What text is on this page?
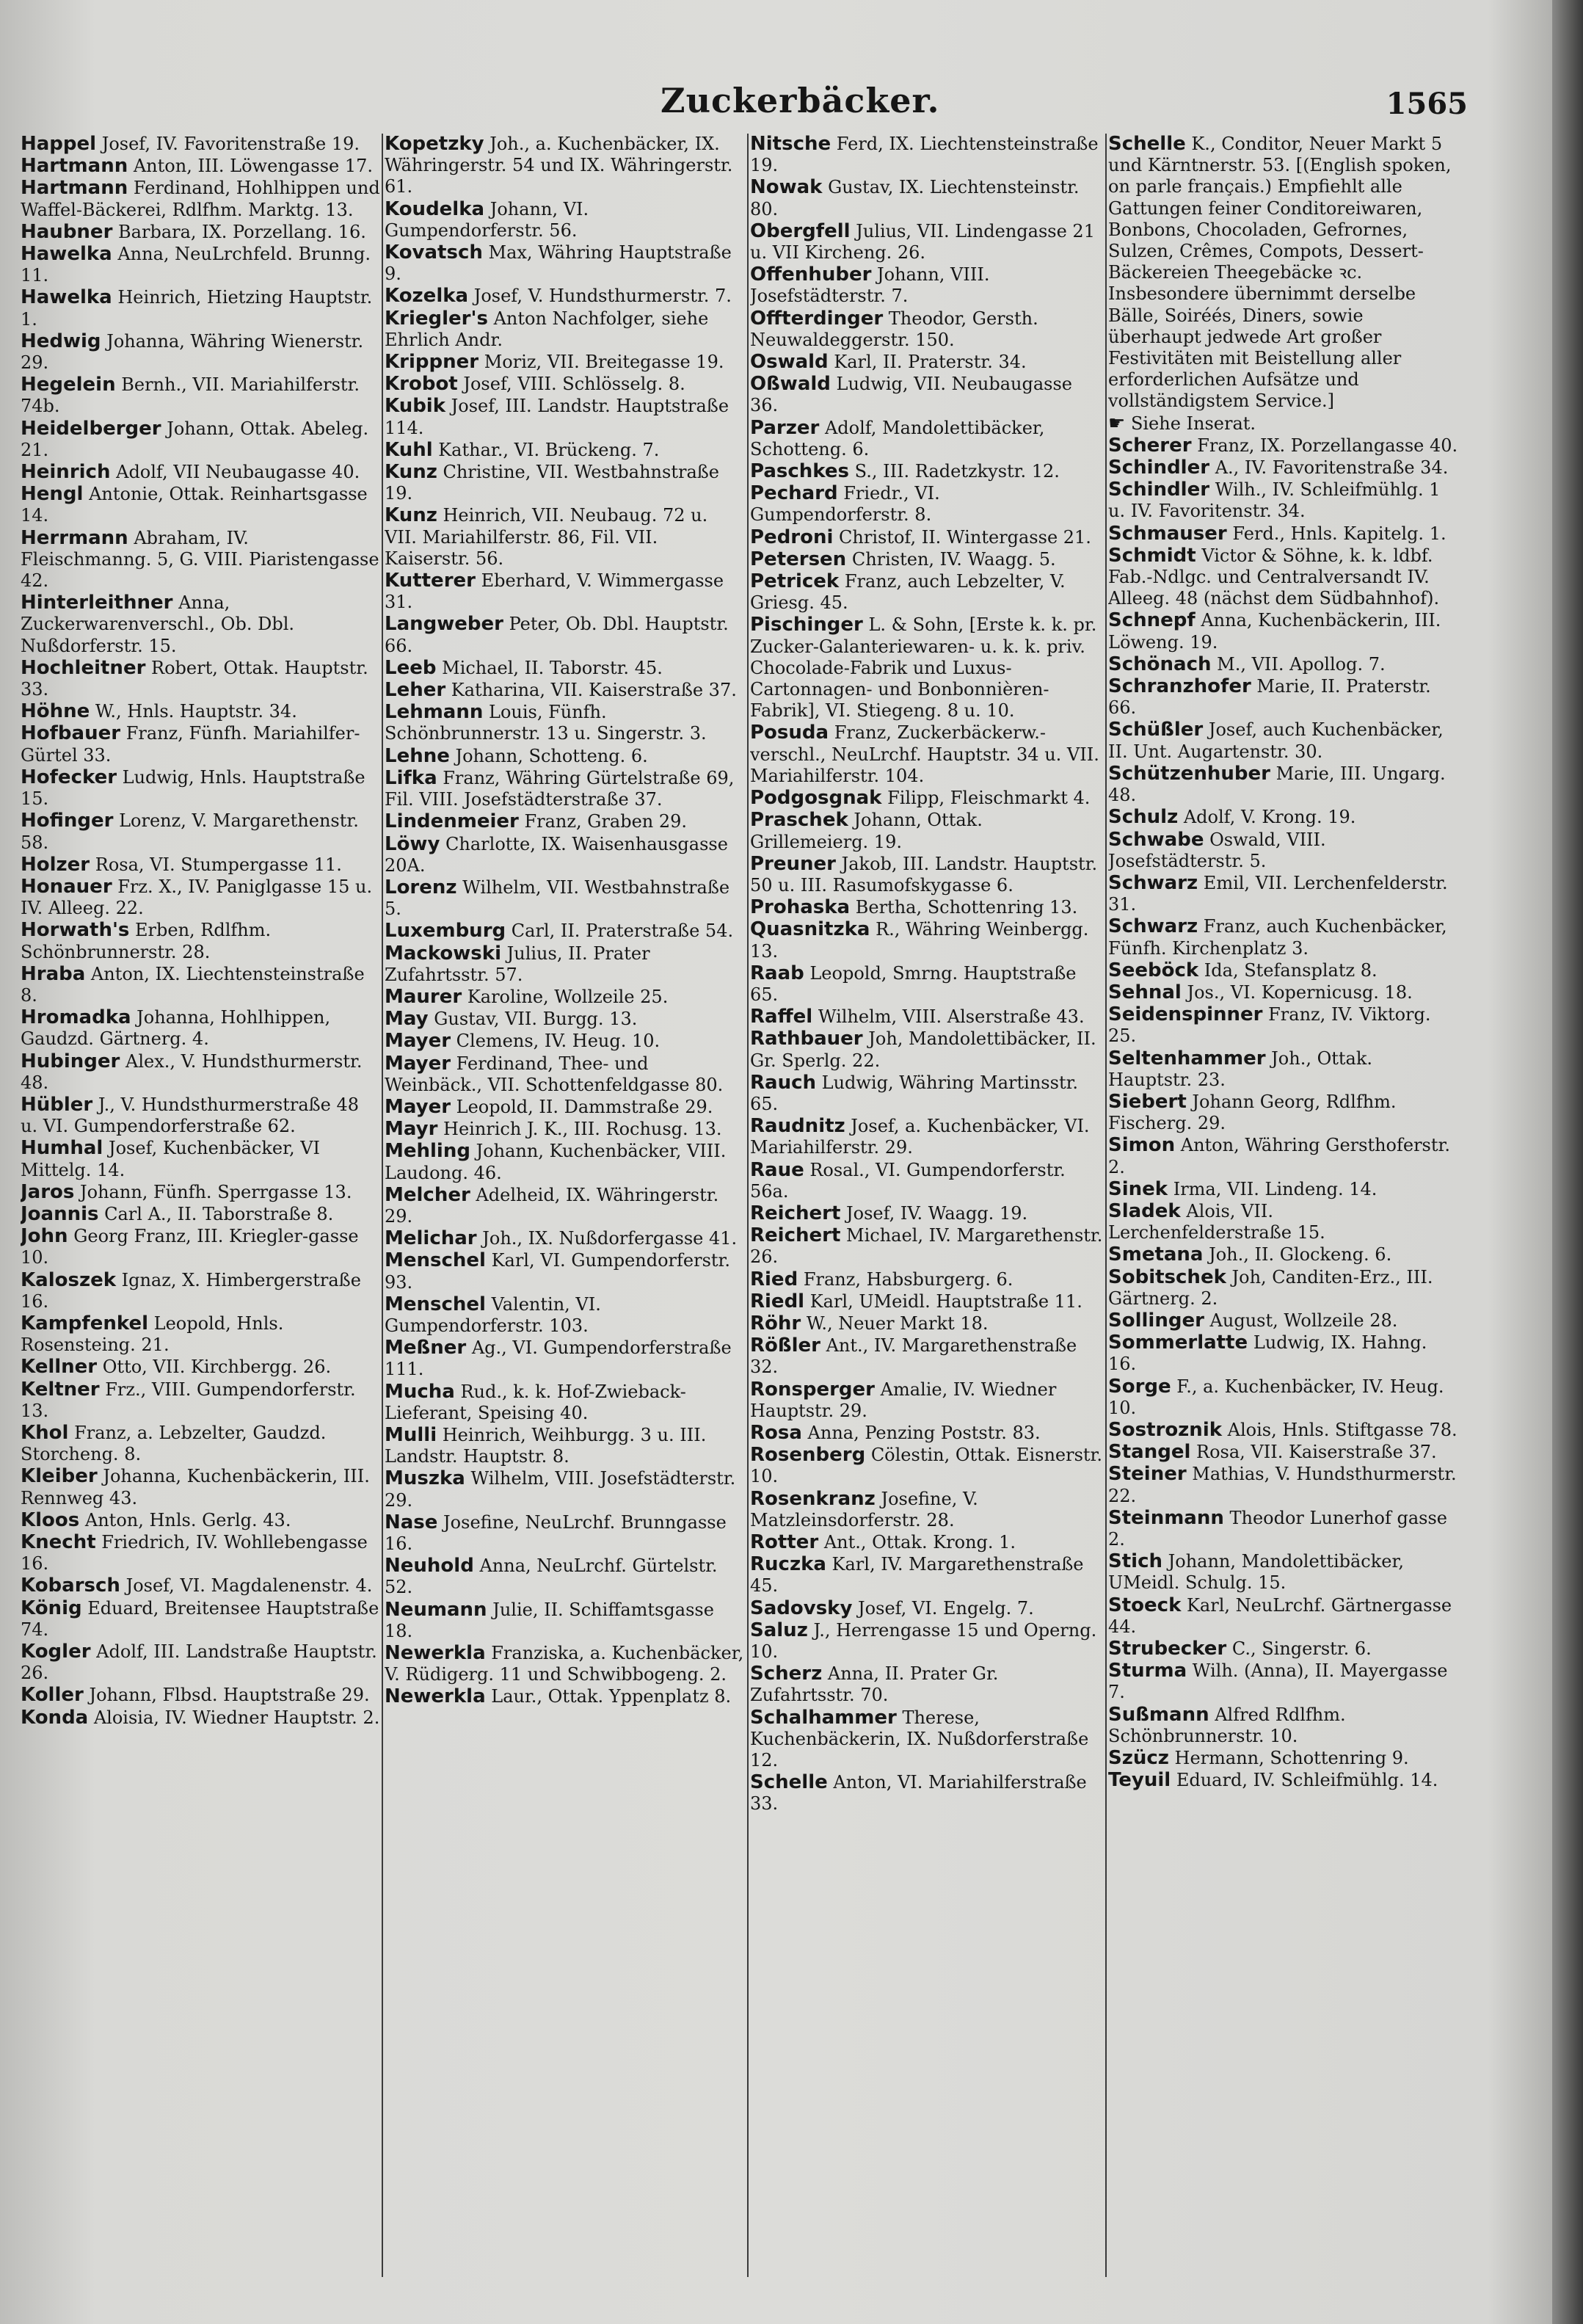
Zuckerbäcker.	1565

Happel Josef, IV. Favoritenstraße 19.

Hartmann Anton, III. Löwengasse 17.

Hartmann Ferdinand, Hohlhippen und Waffel-Bäckerei, Rdlfhm. Marktg. 13.

Haubner Barbara, IX. Porzellang. 16.

Hawelka Anna, NeuLrchfeld. Brunng. 11.

Hawelka Heinrich, Hietzing Hauptstr. 1.

Hedwig Johanna, Währing Wienerstr. 29.

Hegelein Bernh., VII. Mariahilferstr. 74b.

Heidelberger Johann, Ottak. Abeleg. 21.

Heinrich Adolf, VII Neubaugasse 40.

Hengl Antonie, Ottak. Reinhartsgasse 14.

Herrmann Abraham, IV. Fleischmanng. 5, G. VIII. Piaristengasse 42.

Hinterleithner Anna, Zuckerwarenverschl., Ob. Dbl. Nußdorferstr. 15.

Hochleitner Robert, Ottak. Hauptstr. 33.

Höhne W., Hnls. Hauptstr. 34.

Hofbauer Franz, Fünfh. Mariahilfer-Gürtel 33.

Hofecker Ludwig, Hnls. Hauptstraße 15.

Hofinger Lorenz, V. Margarethenstr. 58.

Holzer Rosa, VI. Stumpergasse 11.

Honauer Frz. X., IV. Paniglgasse 15 u. IV. Alleeg. 22.

Horwath's Erben, Rdlfhm. Schönbrunnerstr. 28.

Hraba Anton, IX. Liechtensteinstraße 8.

Hromadka Johanna, Hohlhippen, Gaudzd. Gärtnerg. 4.

Hubinger Alex., V. Hundsthurmerstr. 48.

Hübler J., V. Hundsthurmerstraße 48 u. VI. Gumpendorferstraße 62.

Humhal Josef, Kuchenbäcker, VI Mittelg. 14.

Jaros Johann, Fünfh. Sperrgasse 13.

Joannis Carl A., II. Taborstraße 8.

John Georg Franz, III. Kriegler-gasse 10.

Kaloszek Ignaz, X. Himbergerstraße 16.

Kampfenkel Leopold, Hnls. Rosensteing. 21.

Kellner Otto, VII. Kirchbergg. 26.

Keltner Frz., VIII. Gumpendorferstr. 13.

Khol Franz, a. Lebzelter, Gaudzd. Storcheng. 8.

Kleiber Johanna, Kuchenbäckerin, III. Rennweg 43.

Kloos Anton, Hnls. Gerlg. 43.

Knecht Friedrich, IV. Wohllebengasse 16.

Kobarsch Josef, VI. Magdalenenstr. 4.

König Eduard, Breitensee Hauptstraße 74.

Kogler Adolf, III. Landstraße Hauptstr. 26.

Koller Johann, Flbsd. Hauptstraße 29.

Konda Aloisia, IV. Wiedner Hauptstr. 2.

Kopetzky Joh., a. Kuchenbäcker, IX. Währingerstr. 54 und IX. Währingerstr. 61.

Koudelka Johann, VI. Gumpendorferstr. 56.

Kovatsch Max, Währing Hauptstraße 9.

Kozelka Josef, V. Hundsthurmerstr. 7.

Kriegler's Anton Nachfolger, siehe Ehrlich Andr.

Krippner Moriz, VII. Breitegasse 19.

Krobot Josef, VIII. Schlösselg. 8.

Kubik Josef, III. Landstr. Hauptstraße 114.

Kuhl Kathar., VI. Brückeng. 7.

Kunz Christine, VII. Westbahnstraße 19.

Kunz Heinrich, VII. Neubaug. 72 u. VII. Mariahilferstr. 86, Fil. VII. Kaiserstr. 56.

Kutterer Eberhard, V. Wimmergasse 31.

Langweber Peter, Ob. Dbl. Hauptstr. 66.

Leeb Michael, II. Taborstr. 45.

Leher Katharina, VII. Kaiserstraße 37.

Lehmann Louis, Fünfh. Schönbrunnerstr. 13 u. Singerstr. 3.

Lehne Johann, Schotteng. 6.

Lifka Franz, Währing Gürtelstraße 69, Fil. VIII. Josefstädterstraße 37.

Lindenmeier Franz, Graben 29.

Löwy Charlotte, IX. Waisenhausgasse 20A.

Lorenz Wilhelm, VII. Westbahnstraße 5.

Luxemburg Carl, II. Praterstraße 54.

Mackowski Julius, II. Prater Zufahrtsstr. 57.

Maurer Karoline, Wollzeile 25.

May Gustav, VII. Burgg. 13.

Mayer Clemens, IV. Heug. 10.

Mayer Ferdinand, Thee- und Weinbäck., VII. Schottenfeldgasse 80.

Mayer Leopold, II. Dammstraße 29.

Mayr Heinrich J. K., III. Rochusg. 13.

Mehling Johann, Kuchenbäcker, VIII. Laudong. 46.

Melcher Adelheid, IX. Währingerstr. 29.

Melichar Joh., IX. Nußdorfergasse 41.

Menschel Karl, VI. Gumpendorferstr. 93.

Menschel Valentin, VI. Gumpendorferstr. 103.

Meßner Ag., VI. Gumpendorferstraße 111.

Mucha Rud., k. k. Hof-Zwieback-Lieferant, Speising 40.

Mulli Heinrich, Weihburgg. 3 u. III. Landstr. Hauptstr. 8.

Muszka Wilhelm, VIII. Josefstädterstr. 29.

Nase Josefine, NeuLrchf. Brunngasse 16.

Neuhold Anna, NeuLrchf. Gürtelstr. 52.

Neumann Julie, II. Schiffamtsgasse 18.

Newerkla Franziska, a. Kuchenbäcker, V. Rüdigerg. 11 und Schwibbogeng. 2.

Newerkla Laur., Ottak. Yppenplatz 8.

Nitsche Ferd, IX. Liechtensteinstraße 19.

Nowak Gustav, IX. Liechtensteinstr. 80.

Obergfell Julius, VII. Lindengasse 21 u. VII Kircheng. 26.

Offenhuber Johann, VIII. Josefstädterstr. 7.

Offterdinger Theodor, Gersth. Neuwaldeggerstr. 150.

Oswald Karl, II. Praterstr. 34.

Oßwald Ludwig, VII. Neubaugasse 36.

Parzer Adolf, Mandolettibäcker, Schotteng. 6.

Paschkes S., III. Radetzkystr. 12.

Pechard Friedr., VI. Gumpendorferstr. 8.

Pedroni Christof, II. Wintergasse 21.

Petersen Christen, IV. Waagg. 5.

Petricek Franz, auch Lebzelter, V. Griesg. 45.

Pischinger L. & Sohn, [Erste k. k. pr. Zucker-Galanteriewaren- u. k. k. priv. Chocolade-Fabrik und Luxus-Cartonnagen- und Bonbonnièren-Fabrik], VI. Stiegeng. 8 u. 10.

Posuda Franz, Zuckerbäckerw.-verschl., NeuLrchf. Hauptstr. 34 u. VII. Mariahilferstr. 104.

Podgosgnak Filipp, Fleischmarkt 4.

Praschek Johann, Ottak. Grillemeierg. 19.

Preuner Jakob, III. Landstr. Hauptstr. 50 u. III. Rasumofskygasse 6.

Prohaska Bertha, Schottenring 13.

Quasnitzka R., Währing Weinbergg. 13.

Raab Leopold, Smrng. Hauptstraße 65.

Raffel Wilhelm, VIII. Alserstraße 43.

Rathbauer Joh, Mandolettibäcker, II. Gr. Sperlg. 22.

Rauch Ludwig, Währing Martinsstr. 65.

Raudnitz Josef, a. Kuchenbäcker, VI. Mariahilferstr. 29.

Raue Rosal., VI. Gumpendorferstr. 56a.

Reichert Josef, IV. Waagg. 19.

Reichert Michael, IV. Margarethenstr. 26.

Ried Franz, Habsburgerg. 6.

Riedl Karl, UMeidl. Hauptstraße 11.

Röhr W., Neuer Markt 18.

Rößler Ant., IV. Margarethenstraße 32.

Ronsperger Amalie, IV. Wiedner Hauptstr. 29.

Rosa Anna, Penzing Poststr. 83.

Rosenberg Cölestin, Ottak. Eisnerstr. 10.

Rosenkranz Josefine, V. Matzleinsdorferstr. 28.

Rotter Ant., Ottak. Krong. 1.

Ruczka Karl, IV. Margarethenstraße 45.

Sadovsky Josef, VI. Engelg. 7.

Saluz J., Herrengasse 15 und Operng. 10.

Scherz Anna, II. Prater Gr. Zufahrtsstr. 70.

Schalhammer Therese, Kuchenbäckerin, IX. Nußdorferstraße 12.

Schelle Anton, VI. Mariahilferstraße 33.

Schelle K., Conditor, Neuer Markt 5 und Kärntnerstr. 53. [(English spoken, on parle français.) Empfiehlt alle Gattungen feiner Conditoreiwaren, Bonbons, Chocoladen, Gefrornes, Sulzen, Crêmes, Compots, Dessert-Bäckereien Theegebäcke ꝛc. Insbesondere übernimmt derselbe Bälle, Soiréés, Diners, sowie überhaupt jedwede Art großer Festivitäten mit Beistellung aller erforderlichen Aufsätze und vollständigstem Service.]

☛ Siehe Inserat.

Scherer Franz, IX. Porzellangasse 40.

Schindler A., IV. Favoritenstraße 34.

Schindler Wilh., IV. Schleifmühlg. 1 u. IV. Favoritenstr. 34.

Schmauser Ferd., Hnls. Kapitelg. 1.

Schmidt Victor & Söhne, k. k. ldbf. Fab.-Ndlgc. und Centralversandt IV. Alleeg. 48 (nächst dem Südbahnhof).

Schnepf Anna, Kuchenbäckerin, III. Löweng. 19.

Schönach M., VII. Apollog. 7.

Schranzhofer Marie, II. Praterstr. 66.

Schüßler Josef, auch Kuchenbäcker, II. Unt. Augartenstr. 30.

Schützenhuber Marie, III. Ungarg. 48.

Schulz Adolf, V. Krong. 19.

Schwabe Oswald, VIII. Josefstädterstr. 5.

Schwarz Emil, VII. Lerchenfelderstr. 31.

Schwarz Franz, auch Kuchenbäcker, Fünfh. Kirchenplatz 3.

Seeböck Ida, Stefansplatz 8.

Sehnal Jos., VI. Kopernicusg. 18.

Seidenspinner Franz, IV. Viktorg. 25.

Seltenhammer Joh., Ottak. Hauptstr. 23.

Siebert Johann Georg, Rdlfhm. Fischerg. 29.

Simon Anton, Währing Gersthoferstr. 2.

Sinek Irma, VII. Lindeng. 14.

Sladek Alois, VII. Lerchenfelderstraße 15.

Smetana Joh., II. Glockeng. 6.

Sobitschek Joh, Canditen-Erz., III. Gärtnerg. 2.

Sollinger August, Wollzeile 28.

Sommerlatte Ludwig, IX. Hahng. 16.

Sorge F., a. Kuchenbäcker, IV. Heug. 10.

Sostroznik Alois, Hnls. Stiftgasse 78.

Stangel Rosa, VII. Kaiserstraße 37.

Steiner Mathias, V. Hundsthurmerstr. 22.

Steinmann Theodor Lunerhof gasse 2.

Stich Johann, Mandolettibäcker, UMeidl. Schulg. 15.

Stoeck Karl, NeuLrchf. Gärtnergasse 44.

Strubecker C., Singerstr. 6.

Sturma Wilh. (Anna), II. Mayergasse 7.

Sußmann Alfred Rdlfhm. Schönbrunnerstr. 10.

Szücz Hermann, Schottenring 9.

Teyuil Eduard, IV. Schleifmühlg. 14.
